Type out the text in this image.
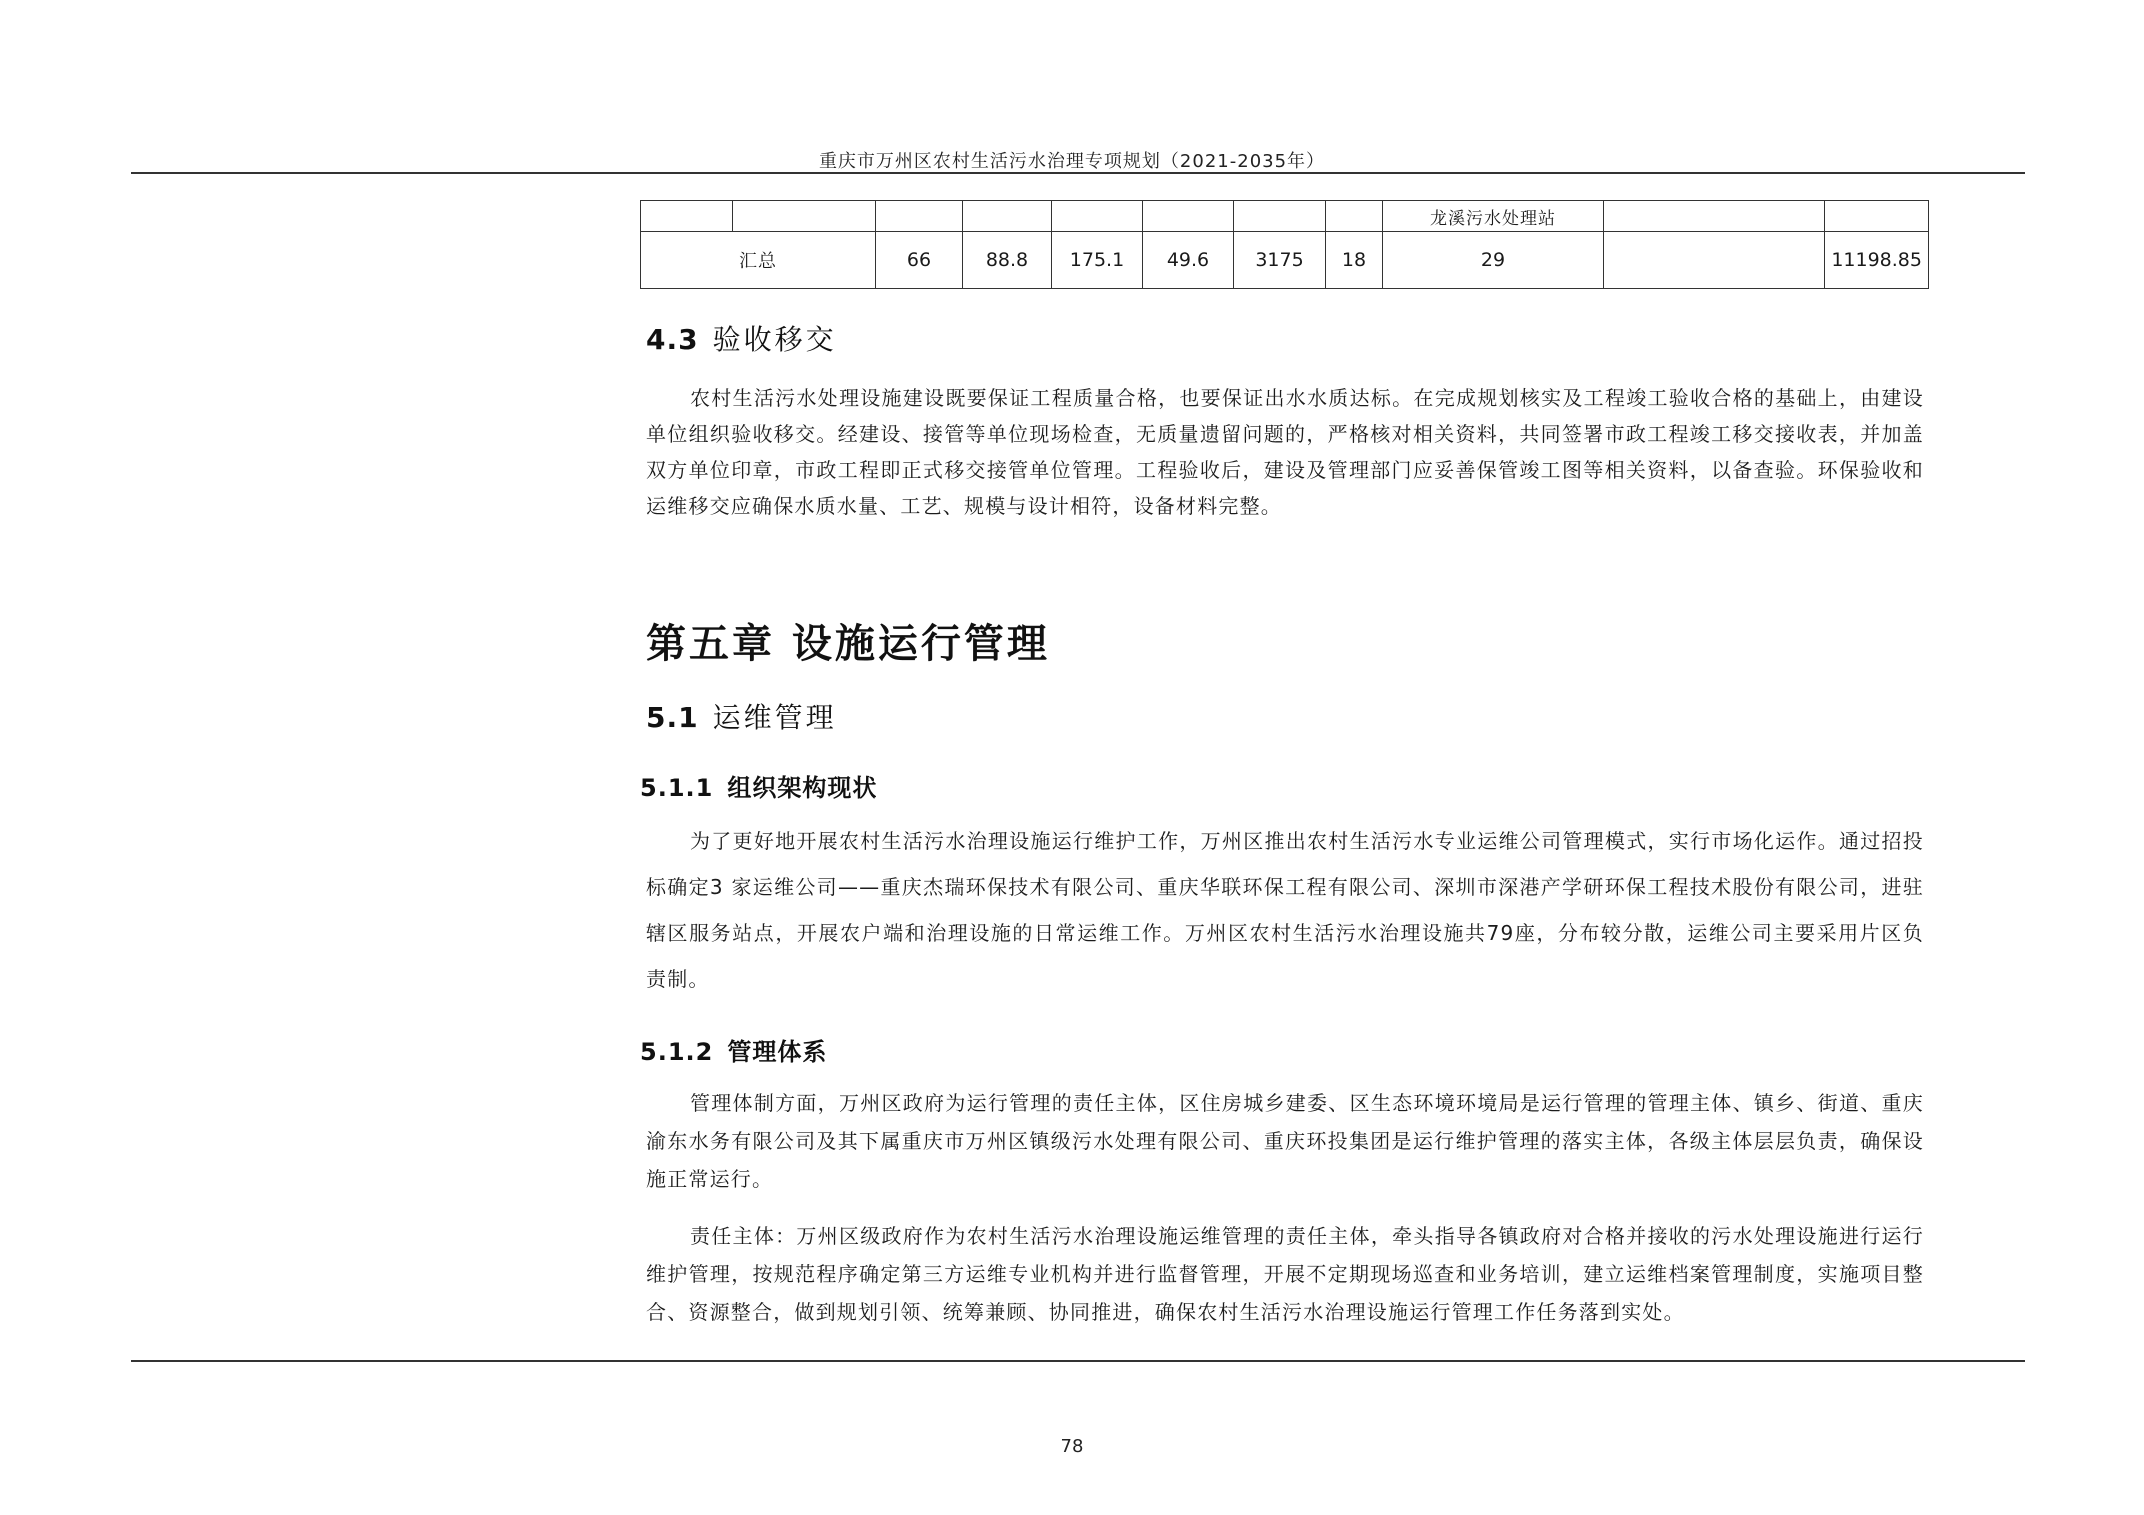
重庆市万州区农村生活污水治理专项规划（2021-2035年）
								龙溪污水处理站		
汇总		66	88.8	175.1	49.6	3175	18	29		11198.85
4.3 验收移交

农村生活污水处理设施建设既要保证工程质量合格，也要保证出水水质达标。在完成规划核实及工程竣工验收合格的基础上，由建设单位组织验收移交。经建设、接管等单位现场检查，无质量遗留问题的，严格核对相关资料，共同签署市政工程竣工移交接收表，并加盖双方单位印章，市政工程即正式移交接管单位管理。工程验收后，建设及管理部门应妥善保管竣工图等相关资料，以备查验。环保验收和运维移交应确保水质水量、工艺、规模与设计相符，设备材料完整。

第五章 设施运行管理
5.1 运维管理
5.1.1 组织架构现状

为了更好地开展农村生活污水治理设施运行维护工作，万州区推出农村生活污水专业运维公司管理模式，实行市场化运作。通过招投标确定3 家运维公司——重庆杰瑞环保技术有限公司、重庆华联环保工程有限公司、深圳市深港产学研环保工程技术股份有限公司，进驻辖区服务站点，开展农户端和治理设施的日常运维工作。万州区农村生活污水治理设施共79座，分布较分散，运维公司主要采用片区负责制。

5.1.2 管理体系

管理体制方面，万州区政府为运行管理的责任主体，区住房城乡建委、区生态环境环境局是运行管理的管理主体、镇乡、街道、重庆渝东水务有限公司及其下属重庆市万州区镇级污水处理有限公司、重庆环投集团是运行维护管理的落实主体，各级主体层层负责，确保设施正常运行。

责任主体：万州区级政府作为农村生活污水治理设施运维管理的责任主体，牵头指导各镇政府对合格并接收的污水处理设施进行运行维护管理，按规范程序确定第三方运维专业机构并进行监督管理，开展不定期现场巡查和业务培训，建立运维档案管理制度，实施项目整合、资源整合，做到规划引领、统筹兼顾、协同推进，确保农村生活污水治理设施运行管理工作任务落到实处。

78
